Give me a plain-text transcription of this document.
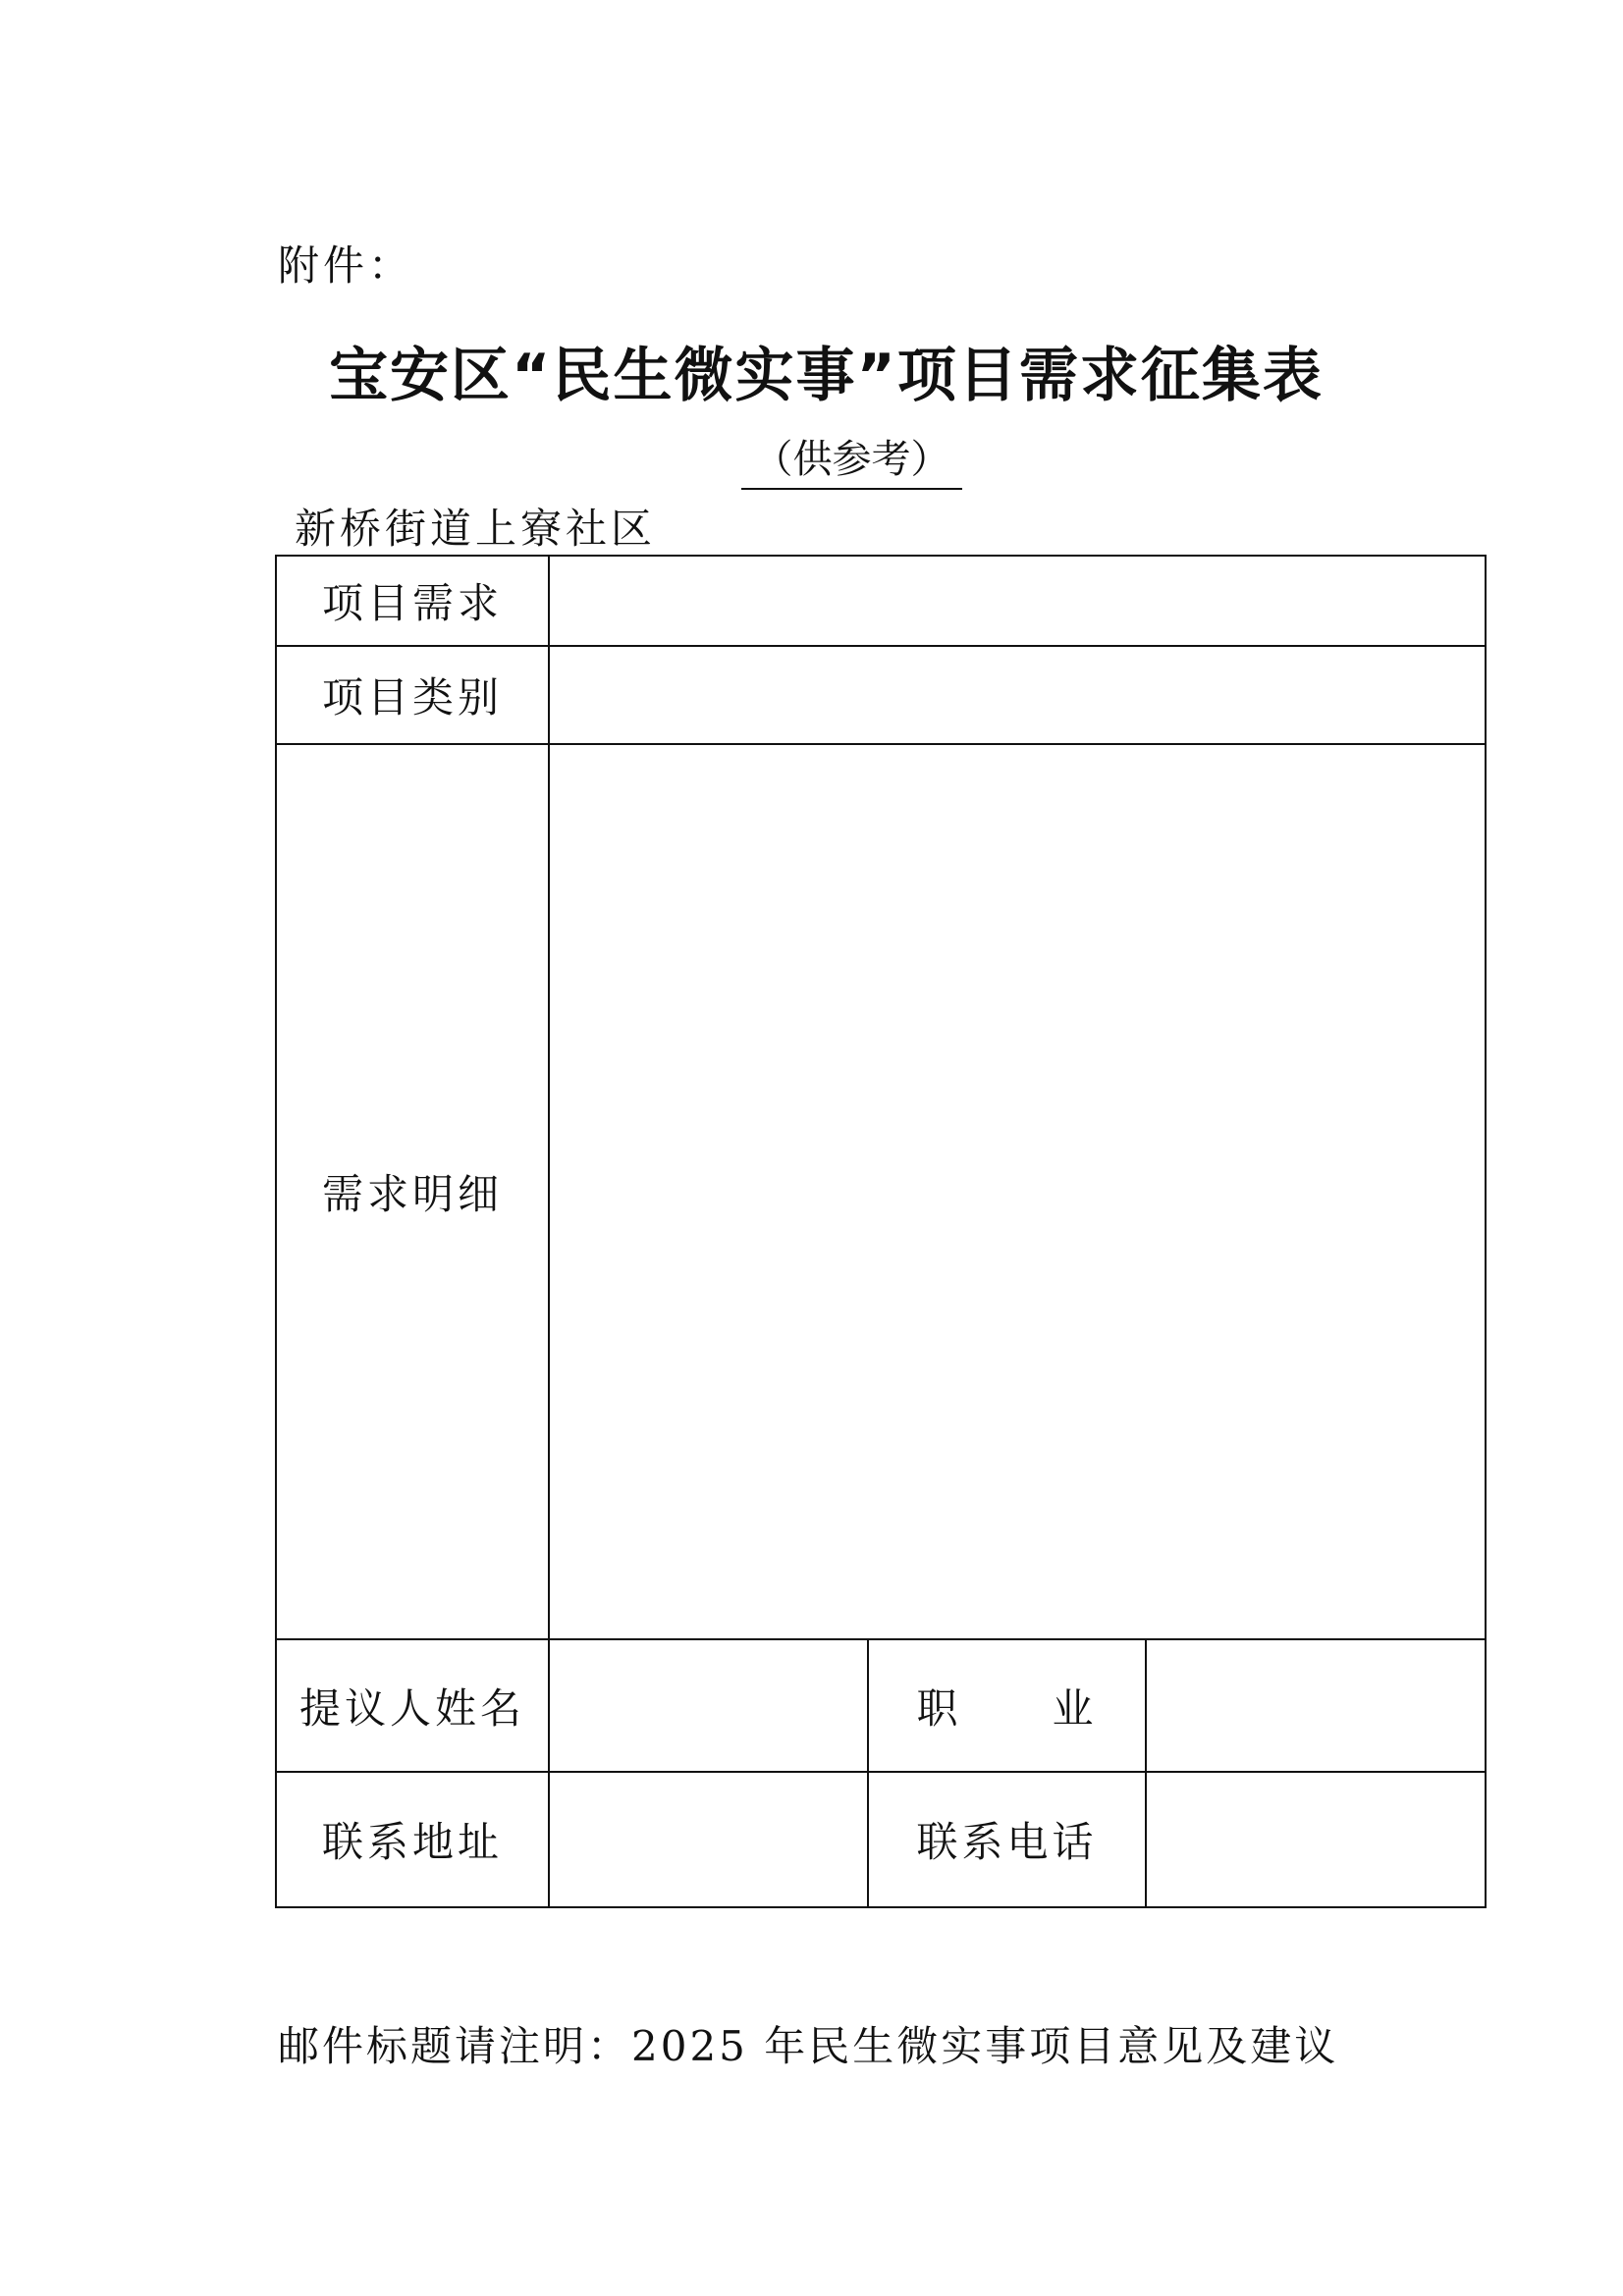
附件：
宝安区“民生微实事”项目需求征集表
（供参考）
新桥街道上寮社区
项目需求			
项目类别			
需求明细			
提议人姓名		职　　业	
联系地址		联系电话	
邮件标题请注明：2025 年民生微实事项目意见及建议
